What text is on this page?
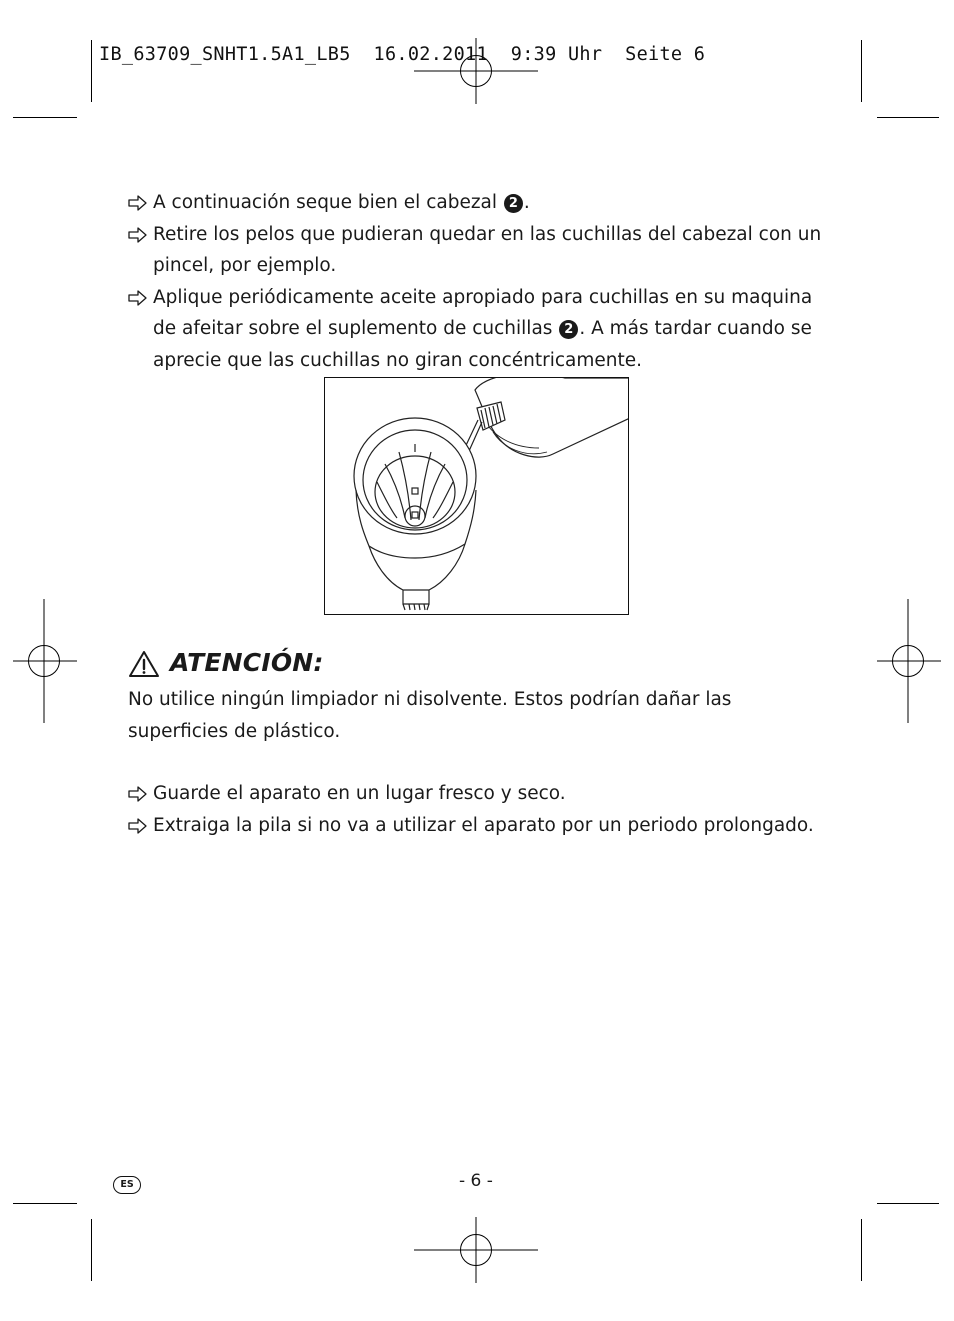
IB_63709_SNHT1.5A1_LB5  16.02.2011  9:39 Uhr  Seite 6

A continuación seque bien el cabezal 2 .

Retire los pelos que pudieran quedar en las cuchillas del cabezal con un pincel, por ejemplo.

Aplique periódicamente aceite apropiado para cuchillas en su maquina de afeitar sobre el suplemento de cuchillas 2 . A más tardar cuando se aprecie que las cuchillas no giran concéntricamente.

ATENCIÓN:

No utilice ningún limpiador ni disolvente. Estos podrían dañar las superficies de plástico.

Guarde el aparato en un lugar fresco y seco.

Extraiga la pila si no va a utilizar el aparato por un periodo prolongado.

ES	- 6 -
